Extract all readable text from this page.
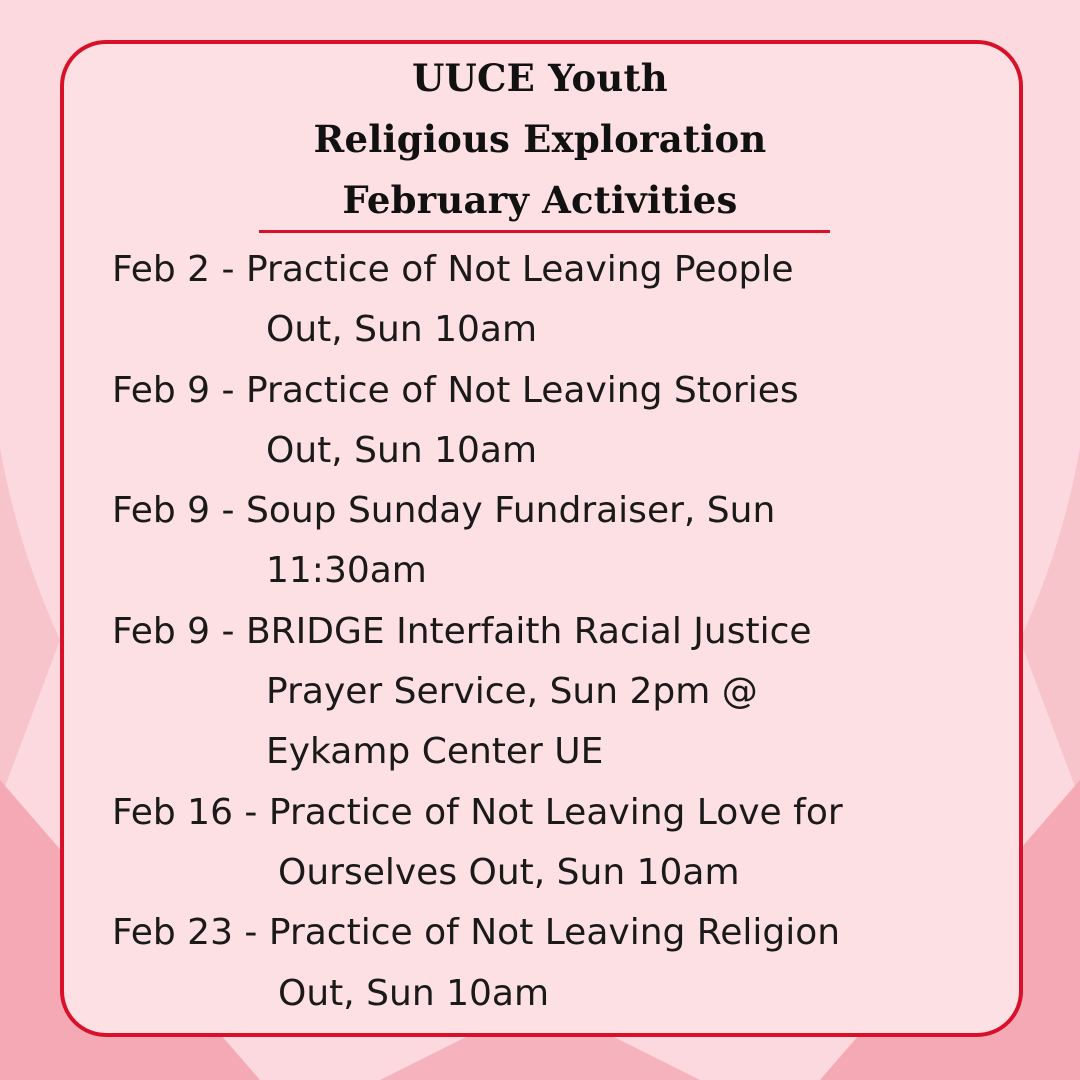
UUCE Youth
Religious Exploration
February Activities
Feb 2 - Practice of Not Leaving People
Out, Sun 10am
Feb 9 - Practice of Not Leaving Stories
Out, Sun 10am
Feb 9 - Soup Sunday Fundraiser, Sun
11:30am
Feb 9 - BRIDGE Interfaith Racial Justice
Prayer Service, Sun 2pm @
Eykamp Center UE
Feb 16 - Practice of Not Leaving Love for
Ourselves Out, Sun 10am
Feb 23 - Practice of Not Leaving Religion
Out, Sun 10am
